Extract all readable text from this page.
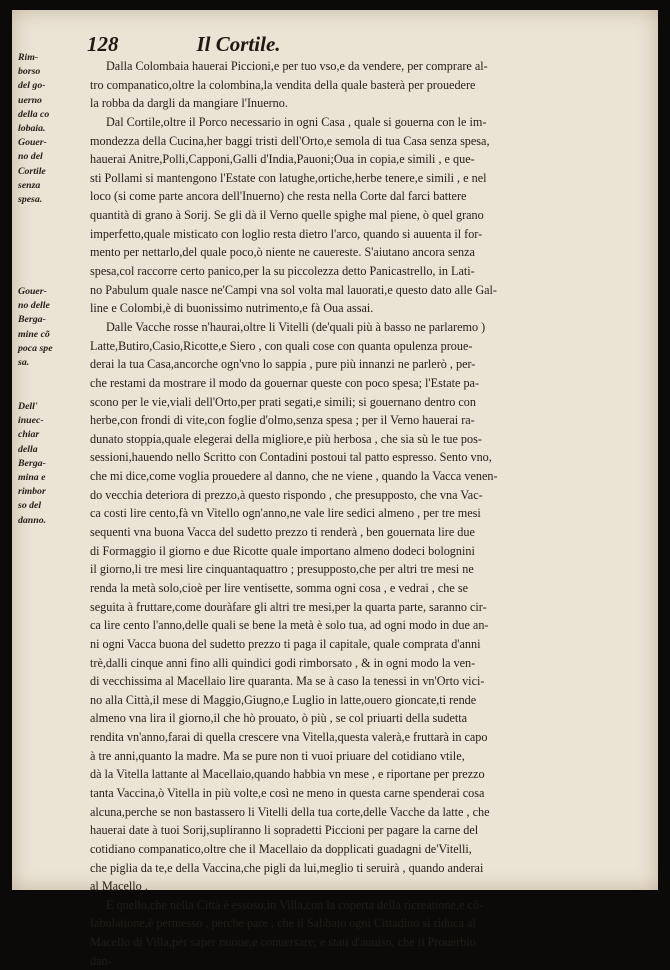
128	Il Cortile.
Rim-
borso
del go-
uerno
della co
lobaia.
Gouer-
no del
Cortile
senza
spesa.
Gouer-
no delle
Berga-
mine cõ
poca spe
sa.
Dell'
inuec-
chiar
della
Berga-
mina e
rimbor
so del
danno.
Dalla Colombaia hauerai Piccioni,e per tuo vso,e da vendere, per comprare al-
tro companatico,oltre la colombina,la vendita della quale basterà per prouedere
la robba da dargli da mangiare l'Inuerno.
Dal Cortile,oltre il Porco necessario in ogni Casa , quale si gouerna con le im-
mondezza della Cucina,her baggi tristi dell'Orto,e semola di tua Casa senza spesa,
hauerai Anitre,Polli,Capponi,Galli d'India,Pauoni;Oua in copia,e simili , e que-
sti Pollami si mantengono l'Estate con latughe,ortiche,herbe tenere,e simili , e nel
loco (si come parte ancora dell'Inuerno) che resta nella Corte dal farci battere
quantità di grano à Sorij. Se gli dà il Verno quelle spighe mal piene, ò quel grano
imperfetto,quale misticato con loglio resta dietro l'arco, quando si auuenta il for-
mento per nettarlo,del quale poco,ò niente ne cauereste. S'aiutano ancora senza
spesa,col raccorre certo panico,per la su piccolezza detto Panicastrello, in Lati-
no Pabulum quale nasce ne'Campi vna sol volta mal lauorati,e questo dato alle Gal-
line e Colombi,è di buonissimo nutrimento,e fà Oua assai.
Dalle Vacche rosse n'haurai,oltre li Vitelli (de'quali più à basso ne parlaremo )
Latte,Butiro,Casio,Ricotte,e Siero , con quali cose con quanta opulenza proue-
derai la tua Casa,ancorche ogn'vno lo sappia , pure più innanzi ne parlerò , per-
che restami da mostrare il modo da gouernar queste con poco spesa; l'Estate pa-
scono per le vie,viali dell'Orto,per prati segati,e simili; si gouernano dentro con
herbe,con frondi di vite,con foglie d'olmo,senza spesa ; per il Verno hauerai ra-
dunato stoppia,quale elegerai della migliore,e più herbosa , che sia sù le tue pos-
sessioni,hauendo nello Scritto con Contadini postoui tal patto espresso. Sento vno,
che mi dice,come voglia prouedere al danno, che ne viene , quando la Vacca venen-
do vecchia deteriora di prezzo,à questo rispondo , che presupposto, che vna Vac-
ca costi lire cento,fà vn Vitello ogn'anno,ne vale lire sedici almeno , per tre mesi
sequenti vna buona Vacca del sudetto prezzo ti renderà , ben gouernata lire due
di Formaggio il giorno e due Ricotte quale importano almeno dodeci bolognini
il giorno,li tre mesi lire cinquantaquattro ; presupposto,che per altri tre mesi ne
renda la metà solo,cioè per lire ventisette, somma ogni cosa , e vedrai , che se
seguita à fruttare,come douràfare gli altri tre mesi,per la quarta parte, saranno cir-
ca lire cento l'anno,delle quali se bene la metà è solo tua, ad ogni modo in due an-
ni ogni Vacca buona del sudetto prezzo ti paga il capitale, quale comprata d'anni
trè,dalli cinque anni fino alli quindici godi rimborsato , & in ogni modo la ven-
di vecchissima al Macellaio lire quaranta. Ma se à caso la tenessi in vn'Orto vici-
no alla Città,il mese di Maggio,Giugno,e Luglio in latte,ouero gioncate,ti rende
almeno vna lira il giorno,il che hò prouato, ò più , se col priuarti della sudetta
rendita vn'anno,farai di quella crescere vna Vitella,questa valerà,e fruttarà in capo
à tre anni,quanto la madre. Ma se pure non ti vuoi priuare del cotidiano vtile,
dà la Vitella lattante al Macellaio,quando habbia vn mese , e riportane per prezzo
tanta Vaccina,ò Vitella in più volte,e così ne meno in questa carne spenderai cosa
alcuna,perche se non bastassero li Vitelli della tua corte,delle Vacche da latte , che
hauerai date à tuoi Sorij,supliranno li sopradetti Piccioni per pagare la carne del
cotidiano companatico,oltre che il Macellaio da dopplicati guadagni de'Vitelli,
che piglia da te,e della Vaccina,che pigli da lui,meglio ti seruirà , quando anderai
al Macello .
E quello,che nella Città è essoso,in Villa,con la coperta della ricreatione,e cõ-
fabulatione,è permesso , perche pare , che il Sabbato ogni Cittadino si riduca al
Macello di Villa,per saper nuoue,e conuersare; e stati d'auuiso, che il Prouerbio
dan-
